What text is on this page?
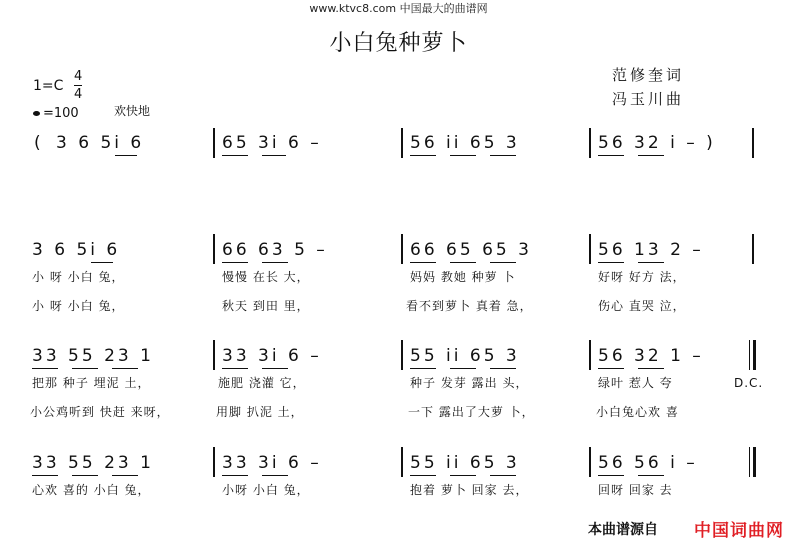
www.ktvc8.com 中国最大的曲谱网
小白兔种萝卜
1=C
4
4
=100	欢快地
范修奎词
冯玉川曲
( 3 6 5i 6	65 3i 6 –	56 ii 65 3	56 32 i – )
3 6 5i 6	66 63 5 –	66 65 65 3	56 13 2 –
小 呀 小白 兔，	慢慢 在长 大，	妈妈 教她 种萝 卜	好呀 好方 法，
小 呀 小白 兔，	秋天 到田 里，	看不到萝卜 真着 急，	伤心 直哭 泣，
33 55 23 1	33 3i 6 –	55 ii 65 3	56 32 1 –
D.C.
把那 种子 埋泥 土，	施肥 浇灌 它，	种子 发芽 露出 头，	绿叶 惹人 夸
小公鸡听到 快赶 来呀，	用脚 扒泥 土，	一下 露出了大萝 卜，	小白兔心欢 喜
33 55 23 1	33 3i 6 –	55 ii 65 3	56 56 i –
心欢 喜的 小白 兔，	小呀 小白 兔，	抱着 萝卜 回家 去，	回呀 回家 去
本曲谱源自 中国词曲网
